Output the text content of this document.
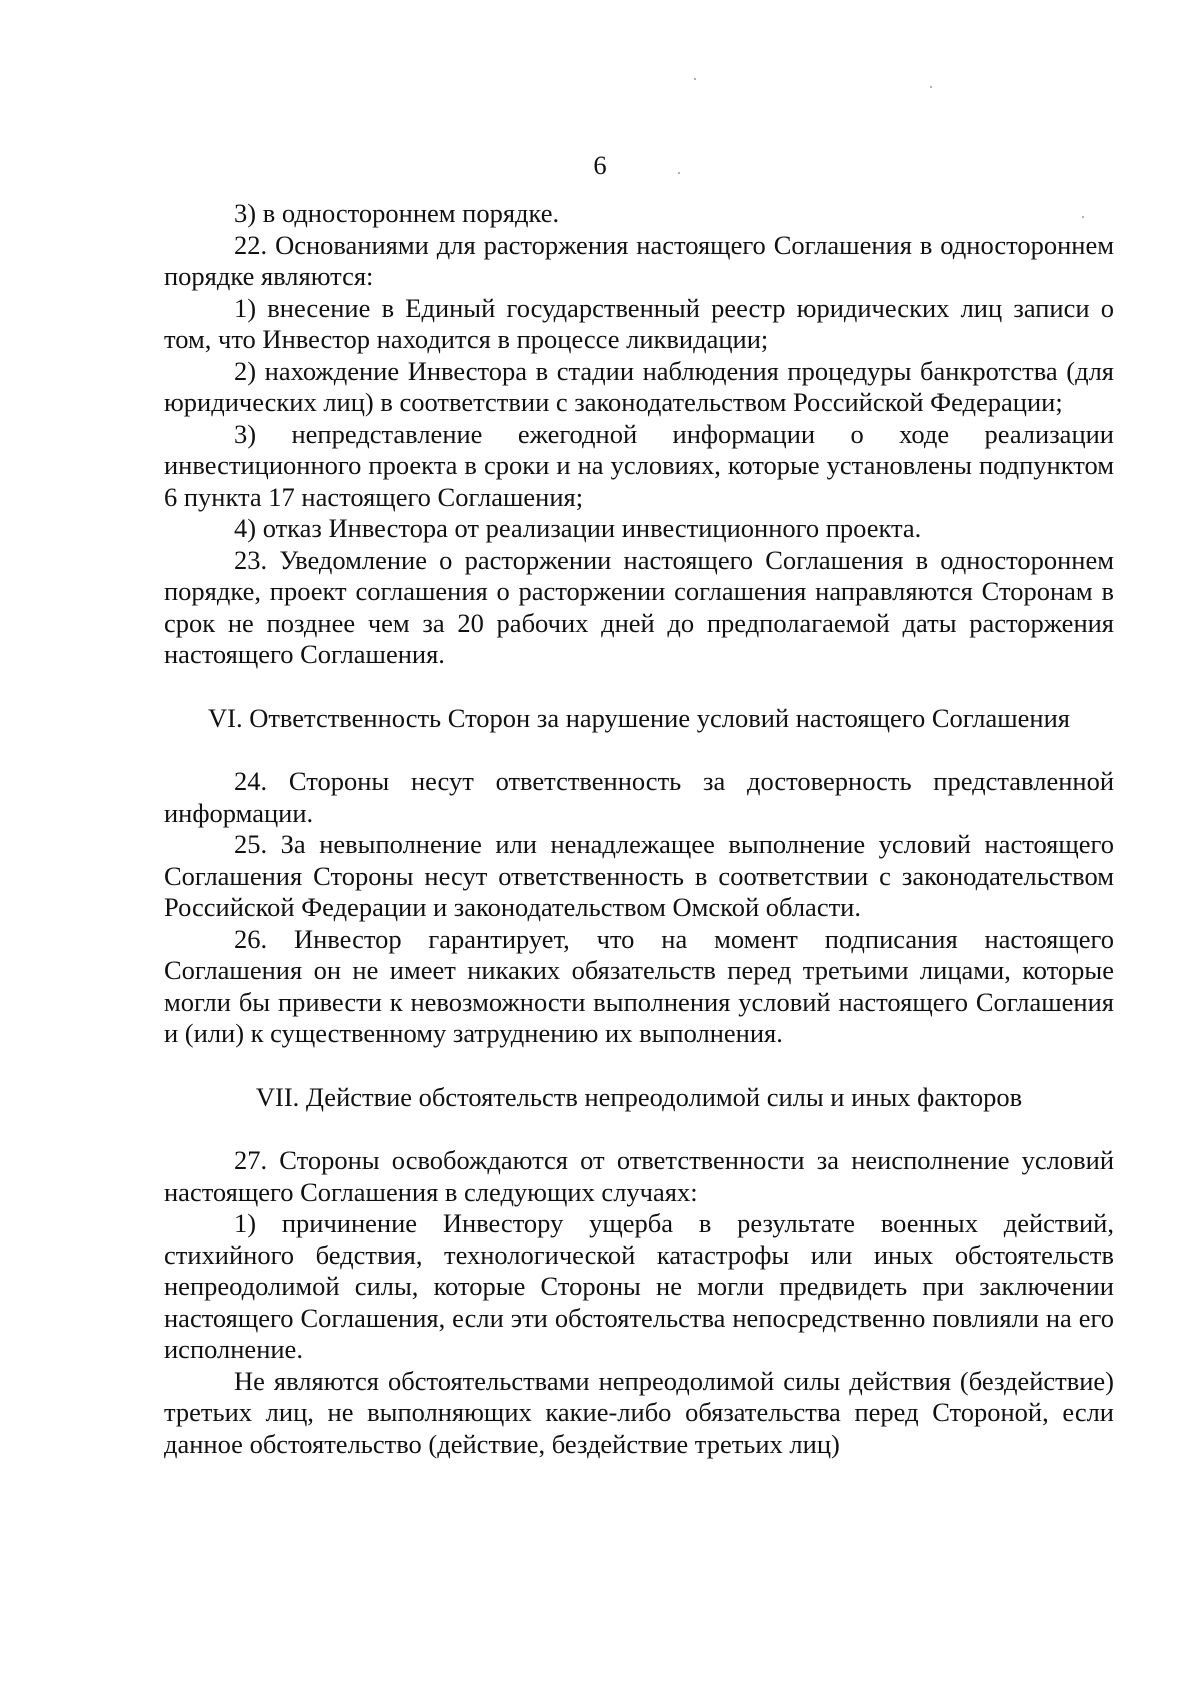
6

3) в одностороннем порядке.

22. Основаниями для расторжения настоящего Соглашения в одностороннем порядке являются:

1) внесение в Единый государственный реестр юридических лиц записи о том, что Инвестор находится в процессе ликвидации;

2) нахождение Инвестора в стадии наблюдения процедуры банкротства (для юридических лиц) в соответствии с законодательством Российской Федерации;

3) непредставление ежегодной информации о ходе реализации инвестиционного проекта в сроки и на условиях, которые установлены подпунктом 6 пункта 17 настоящего Соглашения;

4) отказ Инвестора от реализации инвестиционного проекта.

23. Уведомление о расторжении настоящего Соглашения в одностороннем порядке, проект соглашения о расторжении соглашения направляются Сторонам в срок не позднее чем за 20 рабочих дней до предполагаемой даты расторжения настоящего Соглашения.

VI. Ответственность Сторон за нарушение условий настоящего Соглашения

24. Стороны несут ответственность за достоверность представленной информации.

25. За невыполнение или ненадлежащее выполнение условий настоящего Соглашения Стороны несут ответственность в соответствии с законодательством Российской Федерации и законодательством Омской области.

26. Инвестор гарантирует, что на момент подписания настоящего Соглашения он не имеет никаких обязательств перед третьими лицами, которые могли бы привести к невозможности выполнения условий настоящего Соглашения и (или) к существенному затруднению их выполнения.

VII. Действие обстоятельств непреодолимой силы и иных факторов

27. Стороны освобождаются от ответственности за неисполнение условий настоящего Соглашения в следующих случаях:

1) причинение Инвестору ущерба в результате военных действий, стихийного бедствия, технологической катастрофы или иных обстоятельств непреодолимой силы, которые Стороны не могли предвидеть при заключении настоящего Соглашения, если эти обстоятельства непосредственно повлияли на его исполнение.

Не являются обстоятельствами непреодолимой силы действия (бездействие) третьих лиц, не выполняющих какие-либо обязательства перед Стороной, если данное обстоятельство (действие, бездействие третьих лиц)
